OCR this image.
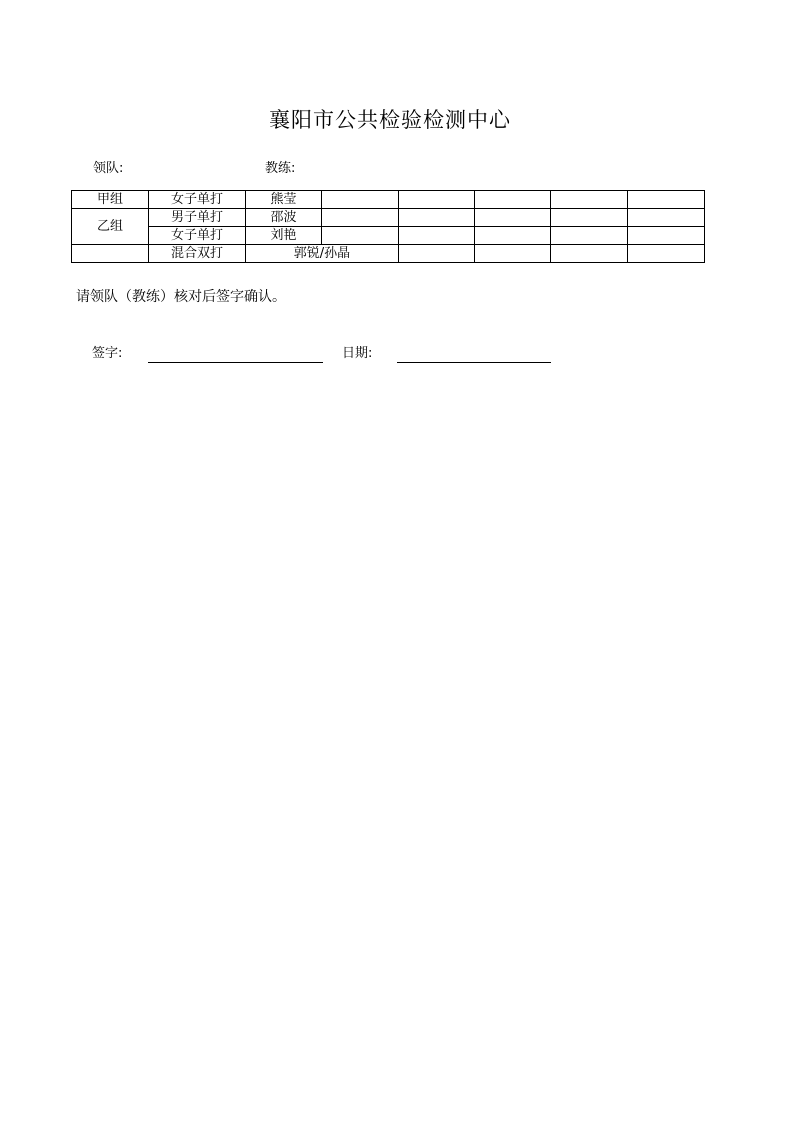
襄阳市公共检验检测中心
领队:	教练:
甲组	女子单打	熊莹					
乙组	男子单打	邵波					
	女子单打	刘艳					
	混合双打	郭锐/孙晶					
请领队（教练）核对后签字确认。
签字:	日期:
